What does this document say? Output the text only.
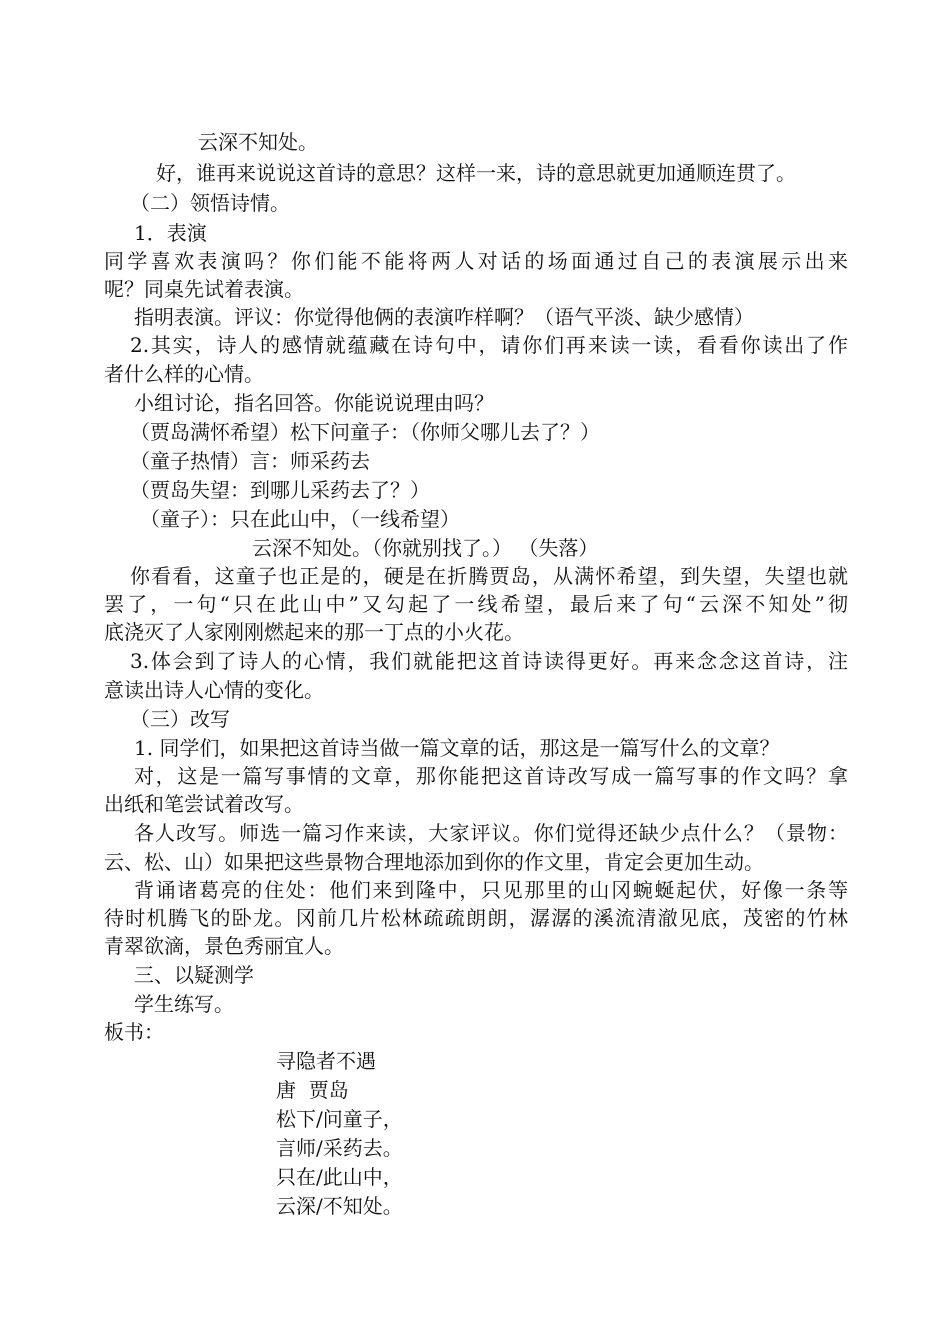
云深不知处。
好，谁再来说说这首诗的意思？这样一来，诗的意思就更加通顺连贯了。
（二）领悟诗情。
1．表演
同学喜欢表演吗？你们能不能将两人对话的场面通过自己的表演展示出来
呢？同桌先试着表演。
指明表演。评议：你觉得他俩的表演咋样啊？（语气平淡、缺少感情）
2.其实，诗人的感情就蕴藏在诗句中，请你们再来读一读，看看你读出了作
者什么样的心情。
小组讨论，指名回答。你能说说理由吗？
（贾岛满怀希望）松下问童子：（你师父哪儿去了？）
（童子热情）言：师采药去
（贾岛失望：到哪儿采药去了？）
（童子）：只在此山中，（一线希望）
云深不知处。（你就别找了。） （失落）
你看看，这童子也正是的，硬是在折腾贾岛，从满怀希望，到失望，失望也就
罢了，一句“只在此山中”又勾起了一线希望，最后来了句“云深不知处”彻
底浇灭了人家刚刚燃起来的那一丁点的小火花。
3.体会到了诗人的心情，我们就能把这首诗读得更好。再来念念这首诗，注
意读出诗人心情的变化。
（三）改写
1. 同学们，如果把这首诗当做一篇文章的话，那这是一篇写什么的文章？
对，这是一篇写事情的文章，那你能把这首诗改写成一篇写事的作文吗？拿
出纸和笔尝试着改写。
各人改写。师选一篇习作来读，大家评议。你们觉得还缺少点什么？（景物：
云、松、山）如果把这些景物合理地添加到你的作文里，肯定会更加生动。
背诵诸葛亮的住处：他们来到隆中，只见那里的山冈蜿蜒起伏，好像一条等
待时机腾飞的卧龙。冈前几片松林疏疏朗朗，潺潺的溪流清澈见底，茂密的竹林
青翠欲滴，景色秀丽宜人。
三、以疑测学
学生练写。
板书：
寻隐者不遇
唐  贾岛
松下/问童子，
言师/采药去。
只在/此山中，
云深/不知处。
